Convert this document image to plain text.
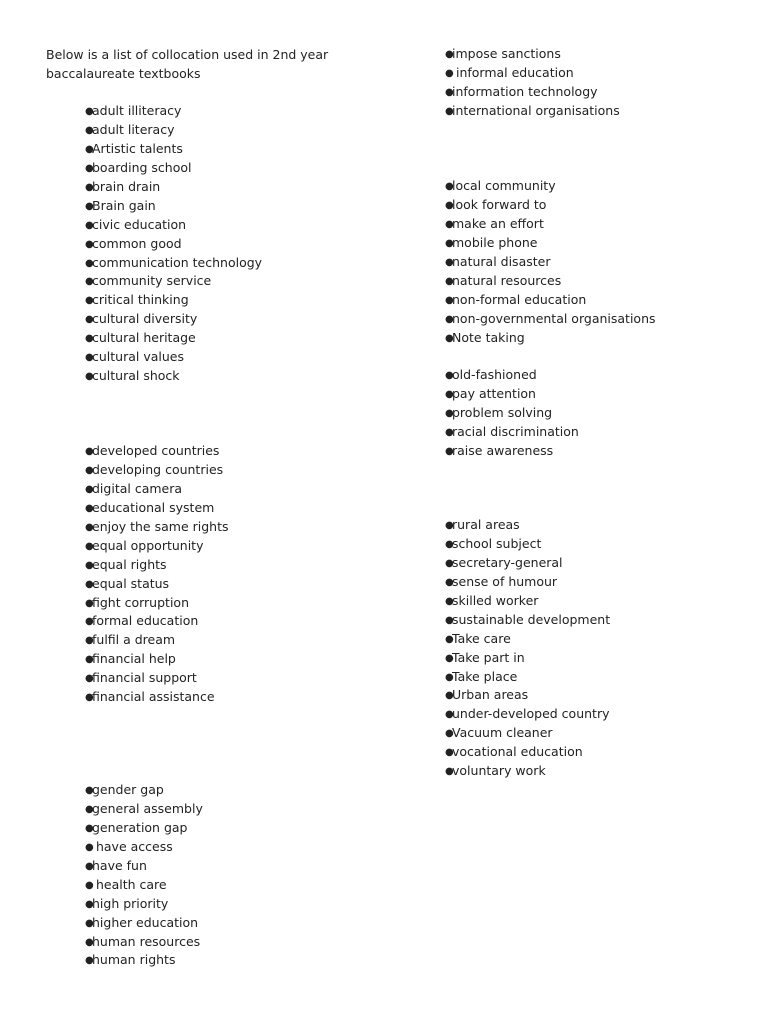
Below is a list of collocation used in 2nd year
baccalaureate textbooks
●adult illiteracy
●adult literacy
●Artistic talents
●boarding school
●brain drain
●Brain gain
●civic education
●common good
●communication technology
●community service
●critical thinking
●cultural diversity
●cultural heritage
●cultural values
●cultural shock
●developed countries
●developing countries
●digital camera
●educational system
●enjoy the same rights
●equal opportunity
●equal rights
●equal status
●fight corruption
●formal education
●fulfil a dream
●financial help
●financial support
●financial assistance
●gender gap
●general assembly
●generation gap
● have access
●have fun
● health care
●high priority
●higher education
●human resources
●human rights
●impose sanctions
● informal education
●information technology
●international organisations
●local community
●look forward to
●make an effort
●mobile phone
●natural disaster
●natural resources
●non-formal education
●non-governmental organisations
●Note taking
●old-fashioned
●pay attention
●problem solving
●racial discrimination
●raise awareness
●rural areas
●school subject
●secretary-general
●sense of humour
●skilled worker
●sustainable development
●Take care
●Take part in
●Take place
●Urban areas
●under-developed country
●Vacuum cleaner
●vocational education
●voluntary work
